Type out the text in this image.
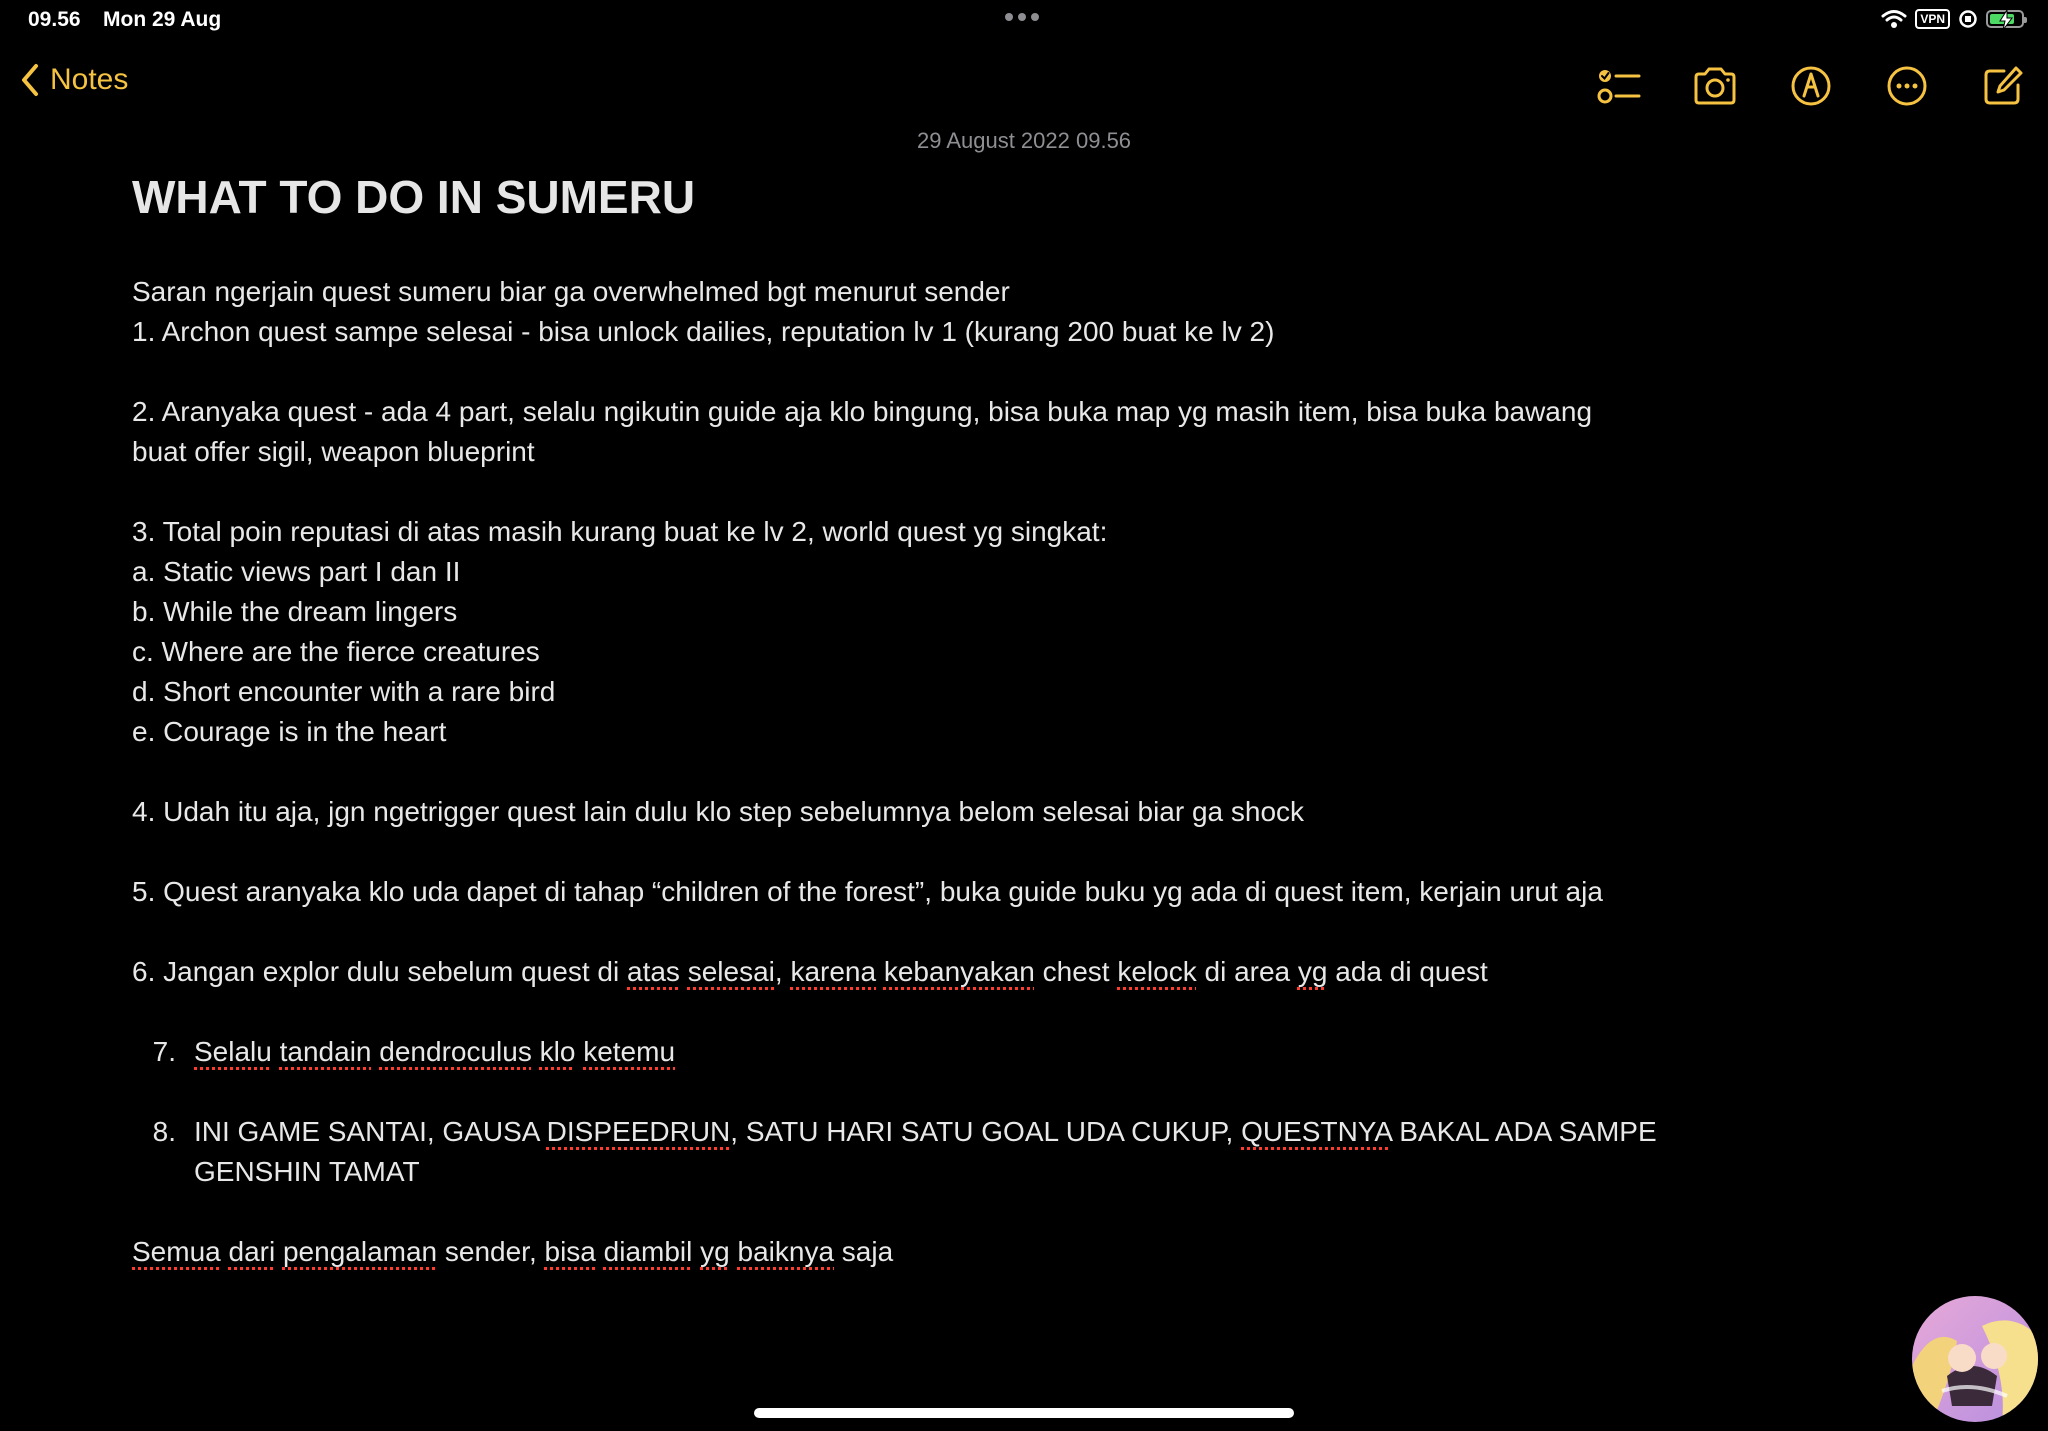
09.56 Mon 29 Aug	VPN
Notes
29 August 2022 09.56
WHAT TO DO IN SUMERU
Saran ngerjain quest sumeru biar ga overwhelmed bgt menurut sender
1. Archon quest sampe selesai - bisa unlock dailies, reputation lv 1 (kurang 200 buat ke lv 2)
2. Aranyaka quest - ada 4 part, selalu ngikutin guide aja klo bingung, bisa buka map yg masih item, bisa buka bawang
buat offer sigil, weapon blueprint
3. Total poin reputasi di atas masih kurang buat ke lv 2, world quest yg singkat:
a. Static views part I dan II
b. While the dream lingers
c. Where are the fierce creatures
d. Short encounter with a rare bird
e. Courage is in the heart
4. Udah itu aja, jgn ngetrigger quest lain dulu klo step sebelumnya belom selesai biar ga shock
5. Quest aranyaka klo uda dapet di tahap “children of the forest”, buka guide buku yg ada di quest item, kerjain urut aja
6. Jangan explor dulu sebelum quest di atas selesai, karena kebanyakan chest kelock di area yg ada di quest
7. Selalu tandain dendroculus klo ketemu
8. INI GAME SANTAI, GAUSA DISPEEDRUN, SATU HARI SATU GOAL UDA CUKUP, QUESTNYA BAKAL ADA SAMPE
GENSHIN TAMAT
Semua dari pengalaman sender, bisa diambil yg baiknya saja
